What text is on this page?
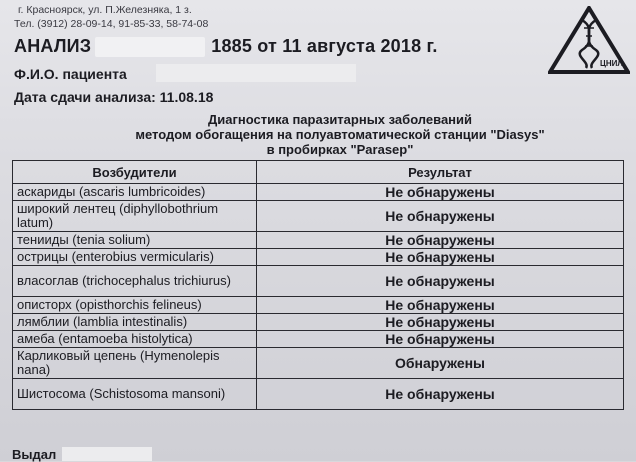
г. Красноярск, ул. П.Железняка, 1 з.
Тел. (3912) 28-09-14, 91-85-33, 58-74-08
АНАЛИЗ	1885 от 11 августа 2018 г.
Ф.И.О. пациента
Дата сдачи анализа: 11.08.18
ЦНИЛ
Диагностика паразитарных заболеваний
методом обогащения на полуавтоматической станции "Diasys"
в пробирках "Parasep"
Возбудители	Результат
аскариды (ascaris lumbricoides)	Не обнаружены
широкий лентец (diphyllobothrium latum)	Не обнаружены
тенииды (tenia solium)	Не обнаружены
острицы (enterobius vermicularis)	Не обнаружены
власоглав (trichocephalus trichiurus)	Не обнаружены
описторх (opisthorchis felineus)	Не обнаружены
лямблии (lamblia intestinalis)	Не обнаружены
амеба (entamoeba histolytica)	Не обнаружены
Карликовый цепень (Hymenolepis nana)	Обнаружены
Шистосома (Schistosoma mansoni)	Не обнаружены
Выдал
